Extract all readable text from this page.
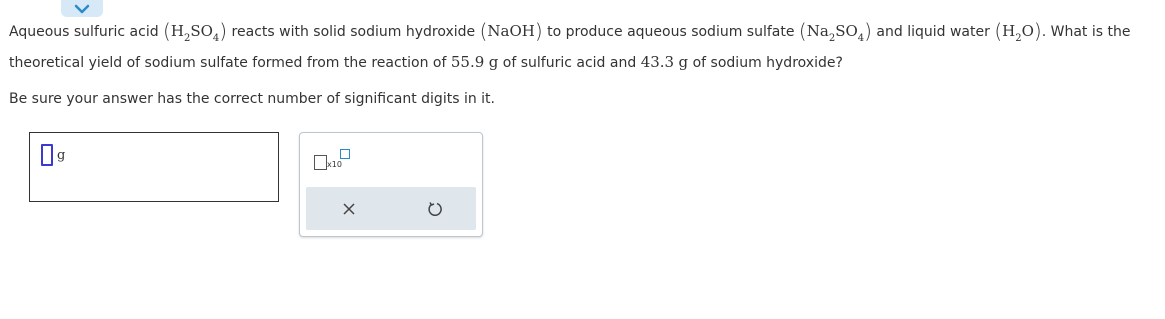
Aqueous sulfuric acid $(H_2SO_4)$ reacts with solid sodium hydroxide (NaOH) to produce aqueous sodium sulfate $(Na_2SO_4)$ and liquid water $(H_2O)$. What is the
theoretical yield of sodium sulfate formed from the reaction of 55.9 g of sulfuric acid and 43.3 g of sodium hydroxide?
Be sure your answer has the correct number of significant digits in it.
g
x10
